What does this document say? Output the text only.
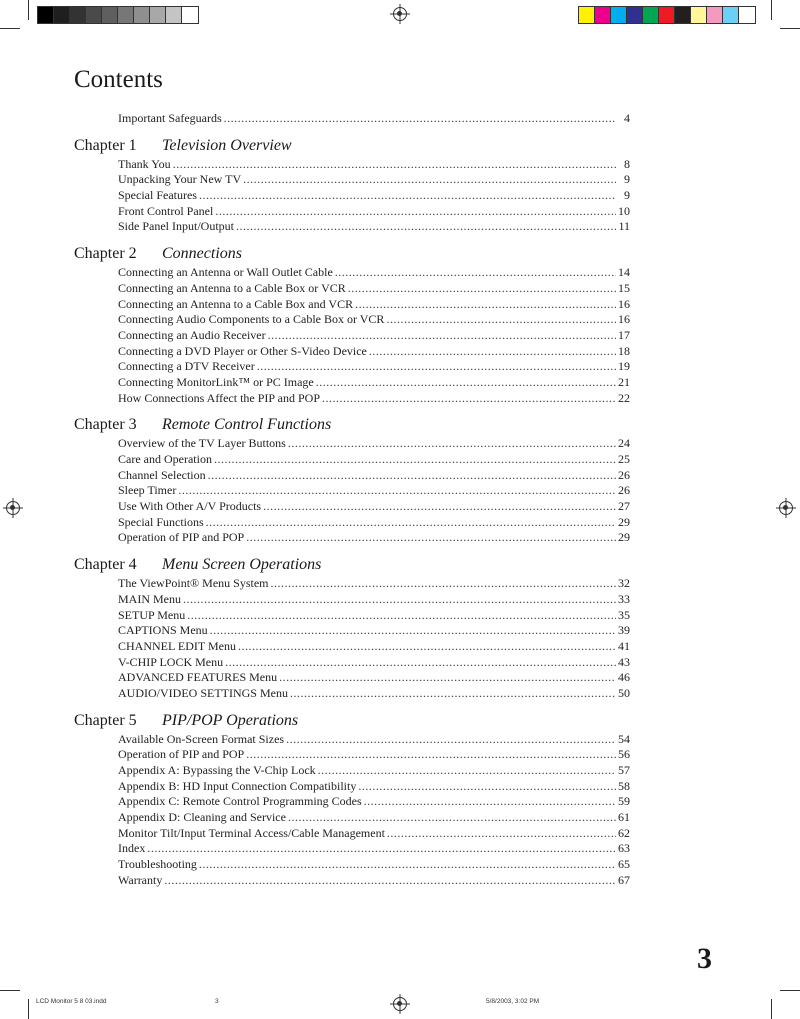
Contents
Important Safeguards .....	4
Chapter 1	Television Overview
Thank You .....	8
Unpacking Your New TV .....	9
Special Features .....	9
Front Control Panel .....	10
Side Panel Input/Output .....	11
Chapter 2	Connections
Connecting an Antenna or Wall Outlet Cable .....	14
Connecting an Antenna to a Cable Box or VCR .....	15
Connecting an Antenna to a Cable Box and VCR .....	16
Connecting Audio Components to a Cable Box or VCR .....	16
Connecting an Audio Receiver .....	17
Connecting a DVD Player or Other S-Video Device .....	18
Connecting a DTV Receiver .....	19
Connecting MonitorLink™ or PC Image .....	21
How Connections Affect the PIP and POP .....	22
Chapter 3	Remote Control Functions
Overview of the TV Layer Buttons .....	24
Care and Operation .....	25
Channel Selection .....	26
Sleep Timer .....	26
Use With Other A/V Products .....	27
Special Functions .....	29
Operation of PIP and POP .....	29
Chapter 4	Menu Screen Operations
The ViewPoint® Menu System .....	32
MAIN Menu .....	33
SETUP Menu .....	35
CAPTIONS Menu .....	39
CHANNEL EDIT Menu .....	41
V-CHIP LOCK Menu .....	43
ADVANCED FEATURES Menu .....	46
AUDIO/VIDEO SETTINGS Menu .....	50
Chapter 5	PIP/POP Operations
Available On-Screen Format Sizes .....	54
Operation of PIP and POP .....	56
Appendix A: Bypassing the V-Chip Lock .....	57
Appendix B: HD Input Connection Compatibility .....	58
Appendix C: Remote Control Programming Codes .....	59
Appendix D: Cleaning and Service .....	61
Monitor Tilt/Input Terminal Access/Cable Management .....	62
Index .....	63
Troubleshooting .....	65
Warranty .....	67
3
LCD Monitor 5 8 03.indd	3	5/8/2003, 3:02 PM
